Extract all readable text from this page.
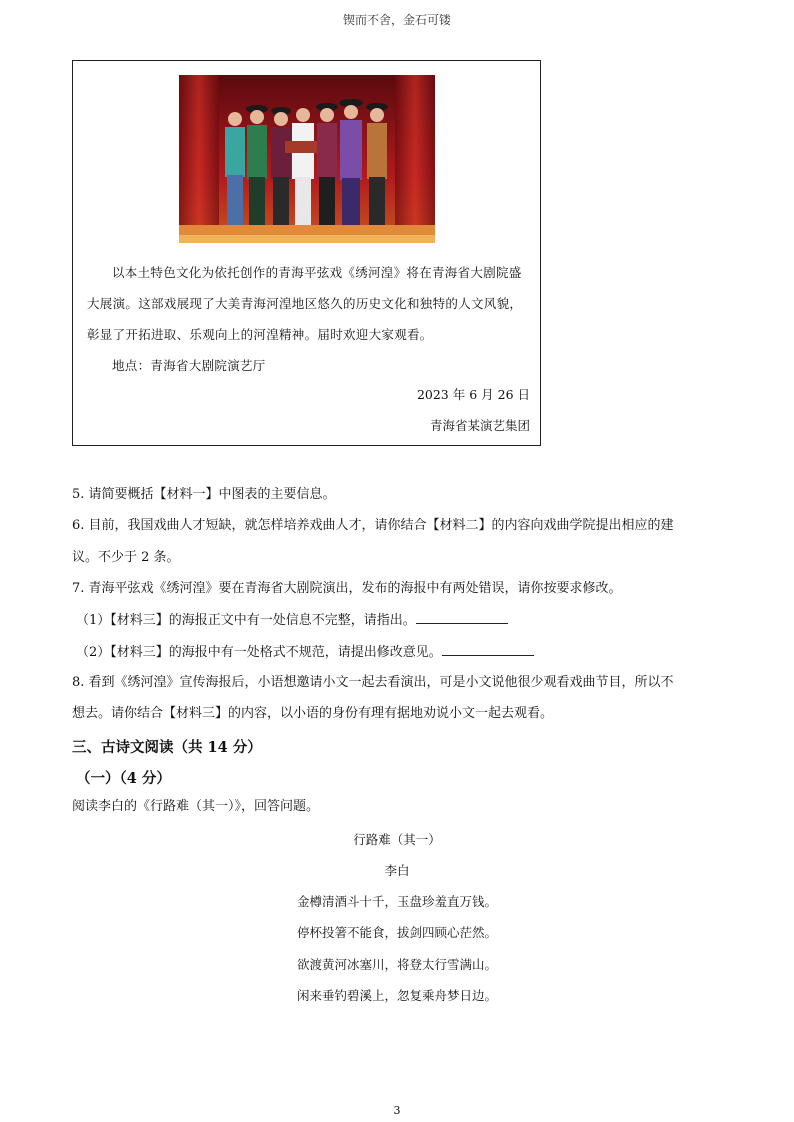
锲而不舍，金石可镂

以本土特色文化为依托创作的青海平弦戏《绣河湟》将在青海省大剧院盛大展演。这部戏展现了大美青海河湟地区悠久的历史文化和独特的人文风貌，彰显了开拓进取、乐观向上的河湟精神。届时欢迎大家观看。

地点：青海省大剧院演艺厅

2023 年 6 月 26 日
青海省某演艺集团
5. 请简要概括【材料一】中图表的主要信息。
6. 目前，我国戏曲人才短缺，就怎样培养戏曲人才，请你结合【材料二】的内容向戏曲学院提出相应的建
议。不少于 2 条。
7. 青海平弦戏《绣河湟》要在青海省大剧院演出，发布的海报中有两处错误，请你按要求修改。
（1）【材料三】的海报正文中有一处信息不完整，请指出。
（2）【材料三】的海报中有一处格式不规范，请提出修改意见。
8. 看到《绣河湟》宣传海报后，小语想邀请小文一起去看演出，可是小文说他很少观看戏曲节目，所以不
想去。请你结合【材料三】的内容，以小语的身份有理有据地劝说小文一起去观看。
三、古诗文阅读（共 14 分）
（一）（4 分）
阅读李白的《行路难（其一）》，回答问题。
行路难（其一）
李白
金樽清酒斗十千，玉盘珍羞直万钱。
停杯投箸不能食，拔剑四顾心茫然。
欲渡黄河冰塞川，将登太行雪满山。
闲来垂钓碧溪上，忽复乘舟梦日边。
3
